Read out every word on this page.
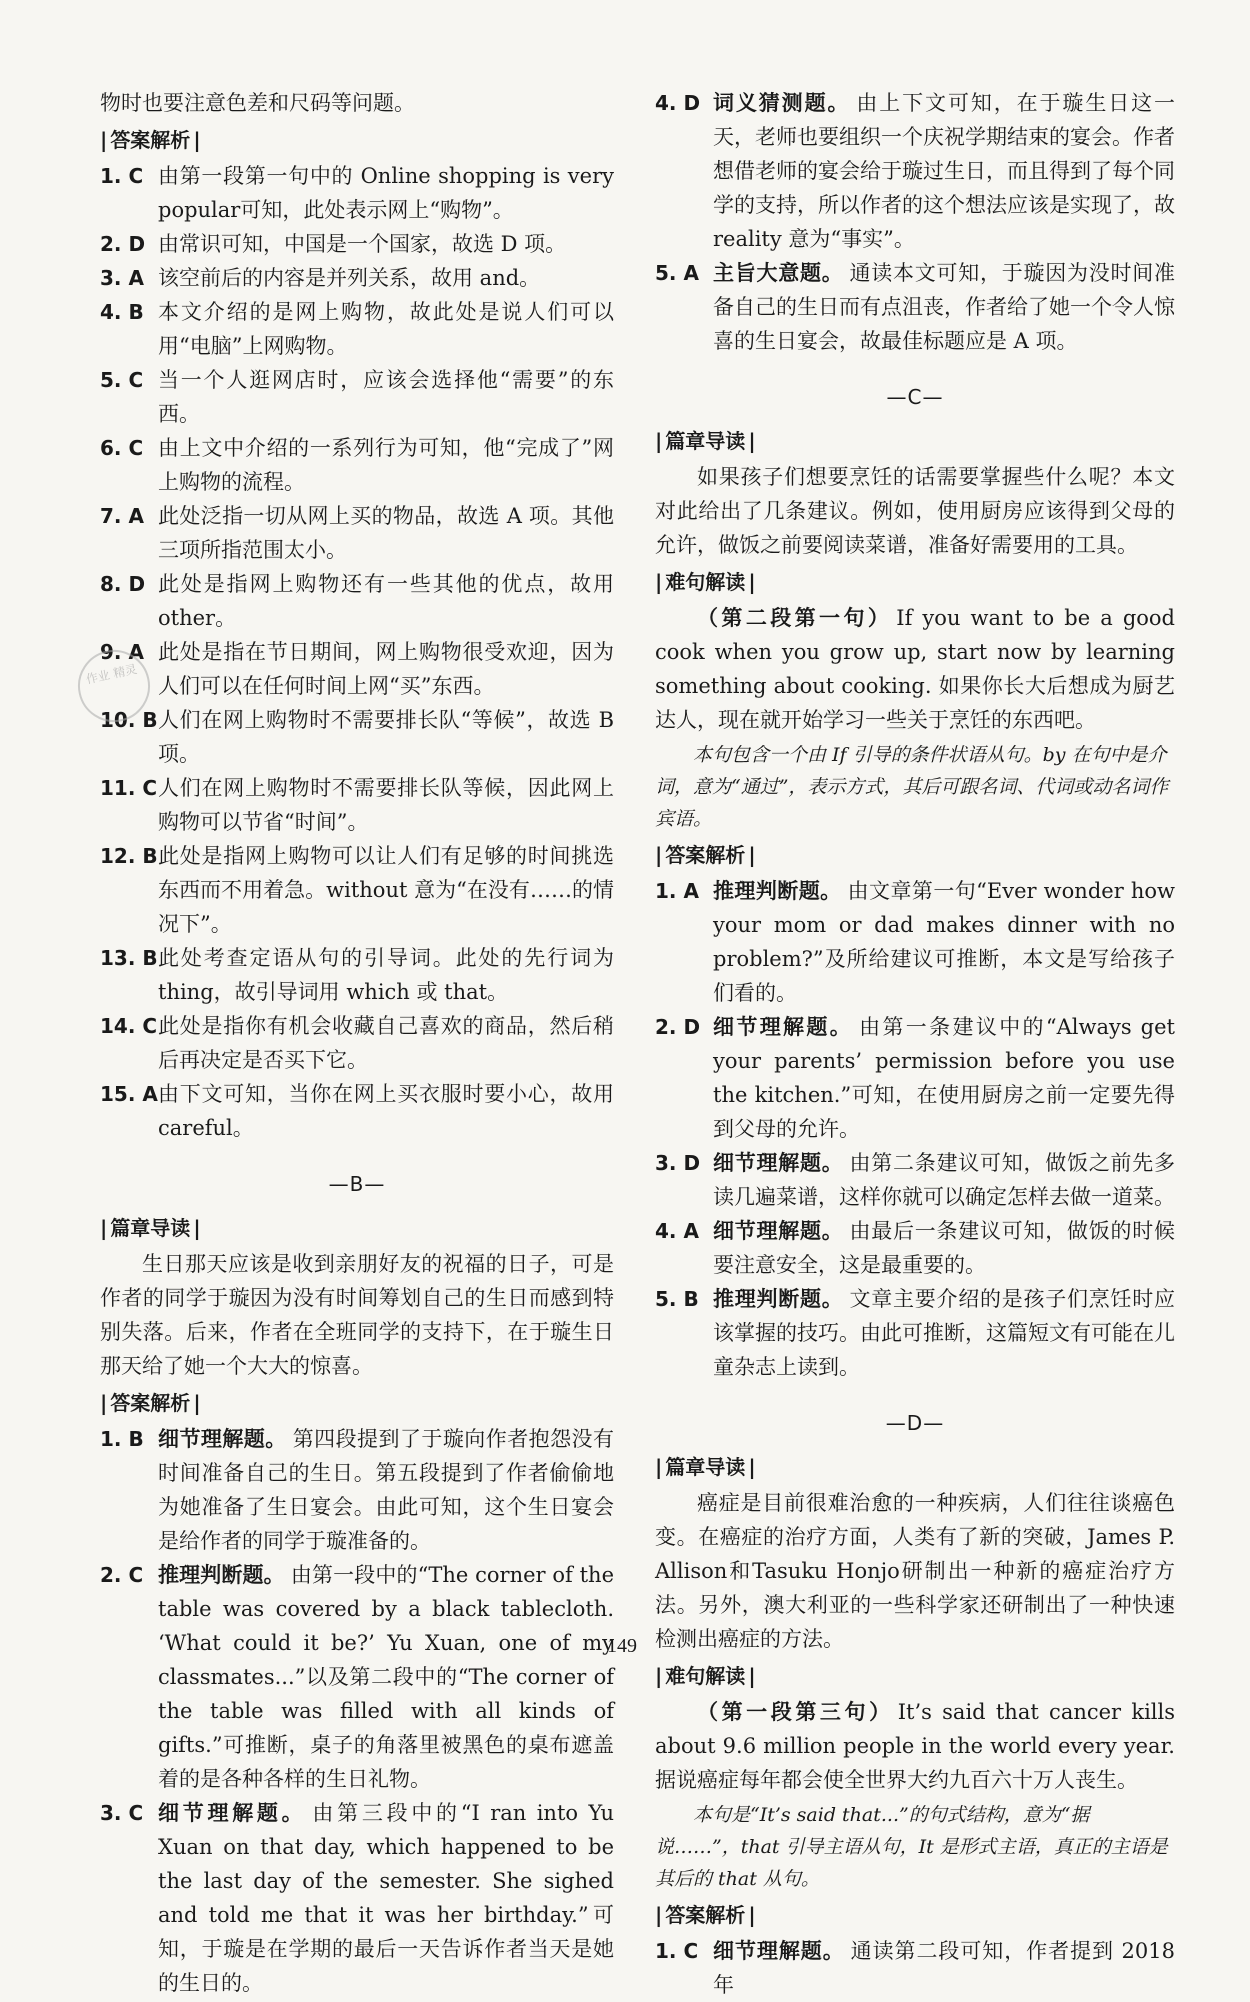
物时也要注意色差和尺码等问题。

| 答案解析 |
1. C 由第一段第一句中的 Online shopping is very popular可知，此处表示网上“购物”。
2. D 由常识可知，中国是一个国家，故选 D 项。
3. A 该空前后的内容是并列关系，故用 and。
4. B 本文介绍的是网上购物，故此处是说人们可以用“电脑”上网购物。
5. C 当一个人逛网店时，应该会选择他“需要”的东西。
6. C 由上文中介绍的一系列行为可知，他“完成了”网上购物的流程。
7. A 此处泛指一切从网上买的物品，故选 A 项。其他三项所指范围太小。
8. D 此处是指网上购物还有一些其他的优点，故用 other。
9. A 此处是指在节日期间，网上购物很受欢迎，因为人们可以在任何时间上网“买”东西。
10. B 人们在网上购物时不需要排长队“等候”，故选 B 项。
11. C 人们在网上购物时不需要排长队等候，因此网上购物可以节省“时间”。
12. B 此处是指网上购物可以让人们有足够的时间挑选东西而不用着急。without 意为“在没有……的情况下”。
13. B 此处考查定语从句的引导词。此处的先行词为 thing，故引导词用 which 或 that。
14. C 此处是指你有机会收藏自己喜欢的商品，然后稍后再决定是否买下它。
15. A 由下文可知，当你在网上买衣服时要小心，故用 careful。
—B—
| 篇章导读 |

生日那天应该是收到亲朋好友的祝福的日子，可是作者的同学于璇因为没有时间筹划自己的生日而感到特别失落。后来，作者在全班同学的支持下，在于璇生日那天给了她一个大大的惊喜。

| 答案解析 |
1. B 细节理解题。 第四段提到了于璇向作者抱怨没有时间准备自己的生日。第五段提到了作者偷偷地为她准备了生日宴会。由此可知，这个生日宴会是给作者的同学于璇准备的。
2. C 推理判断题。 由第一段中的“The corner of the table was covered by a black tablecloth. ‘What could it be?’ Yu Xuan, one of my classmates...”以及第二段中的“The corner of the table was filled with all kinds of gifts.”可推断，桌子的角落里被黑色的桌布遮盖着的是各种各样的生日礼物。
3. C 细节理解题。 由第三段中的“I ran into Yu Xuan on that day, which happened to be the last day of the semester. She sighed and told me that it was her birthday.”可知，于璇是在学期的最后一天告诉作者当天是她的生日的。
4. D 词义猜测题。 由上下文可知，在于璇生日这一天，老师也要组织一个庆祝学期结束的宴会。作者想借老师的宴会给于璇过生日，而且得到了每个同学的支持，所以作者的这个想法应该是实现了，故 reality 意为“事实”。
5. A 主旨大意题。 通读本文可知，于璇因为没时间准备自己的生日而有点沮丧，作者给了她一个令人惊喜的生日宴会，故最佳标题应是 A 项。
—C—
| 篇章导读 |

如果孩子们想要烹饪的话需要掌握些什么呢？本文对此给出了几条建议。例如，使用厨房应该得到父母的允许，做饭之前要阅读菜谱，准备好需要用的工具。

| 难句解读 |

（第二段第一句） If you want to be a good cook when you grow up, start now by learning something about cooking. 如果你长大后想成为厨艺达人，现在就开始学习一些关于烹饪的东西吧。

本句包含一个由 If 引导的条件状语从句。by 在句中是介词，意为“通过”，表示方式，其后可跟名词、代词或动名词作宾语。

| 答案解析 |
1. A 推理判断题。 由文章第一句“Ever wonder how your mom or dad makes dinner with no problem?”及所给建议可推断，本文是写给孩子们看的。
2. D 细节理解题。 由第一条建议中的“Always get your parents’ permission before you use the kitchen.”可知，在使用厨房之前一定要先得到父母的允许。
3. D 细节理解题。 由第二条建议可知，做饭之前先多读几遍菜谱，这样你就可以确定怎样去做一道菜。
4. A 细节理解题。 由最后一条建议可知，做饭的时候要注意安全，这是最重要的。
5. B 推理判断题。 文章主要介绍的是孩子们烹饪时应该掌握的技巧。由此可推断，这篇短文有可能在儿童杂志上读到。
—D—
| 篇章导读 |

癌症是目前很难治愈的一种疾病，人们往往谈癌色变。在癌症的治疗方面，人类有了新的突破，James P. Allison和Tasuku Honjo研制出一种新的癌症治疗方法。另外，澳大利亚的一些科学家还研制出了一种快速检测出癌症的方法。

| 难句解读 |

（第一段第三句） It’s said that cancer kills about 9.6 million people in the world every year. 据说癌症每年都会使全世界大约九百六十万人丧生。

本句是“It’s said that...”的句式结构，意为“据说……”，that 引导主语从句，It 是形式主语，真正的主语是其后的 that 从句。

| 答案解析 |
1. C 细节理解题。 通读第二段可知，作者提到 2018 年
作业 精灵
149
